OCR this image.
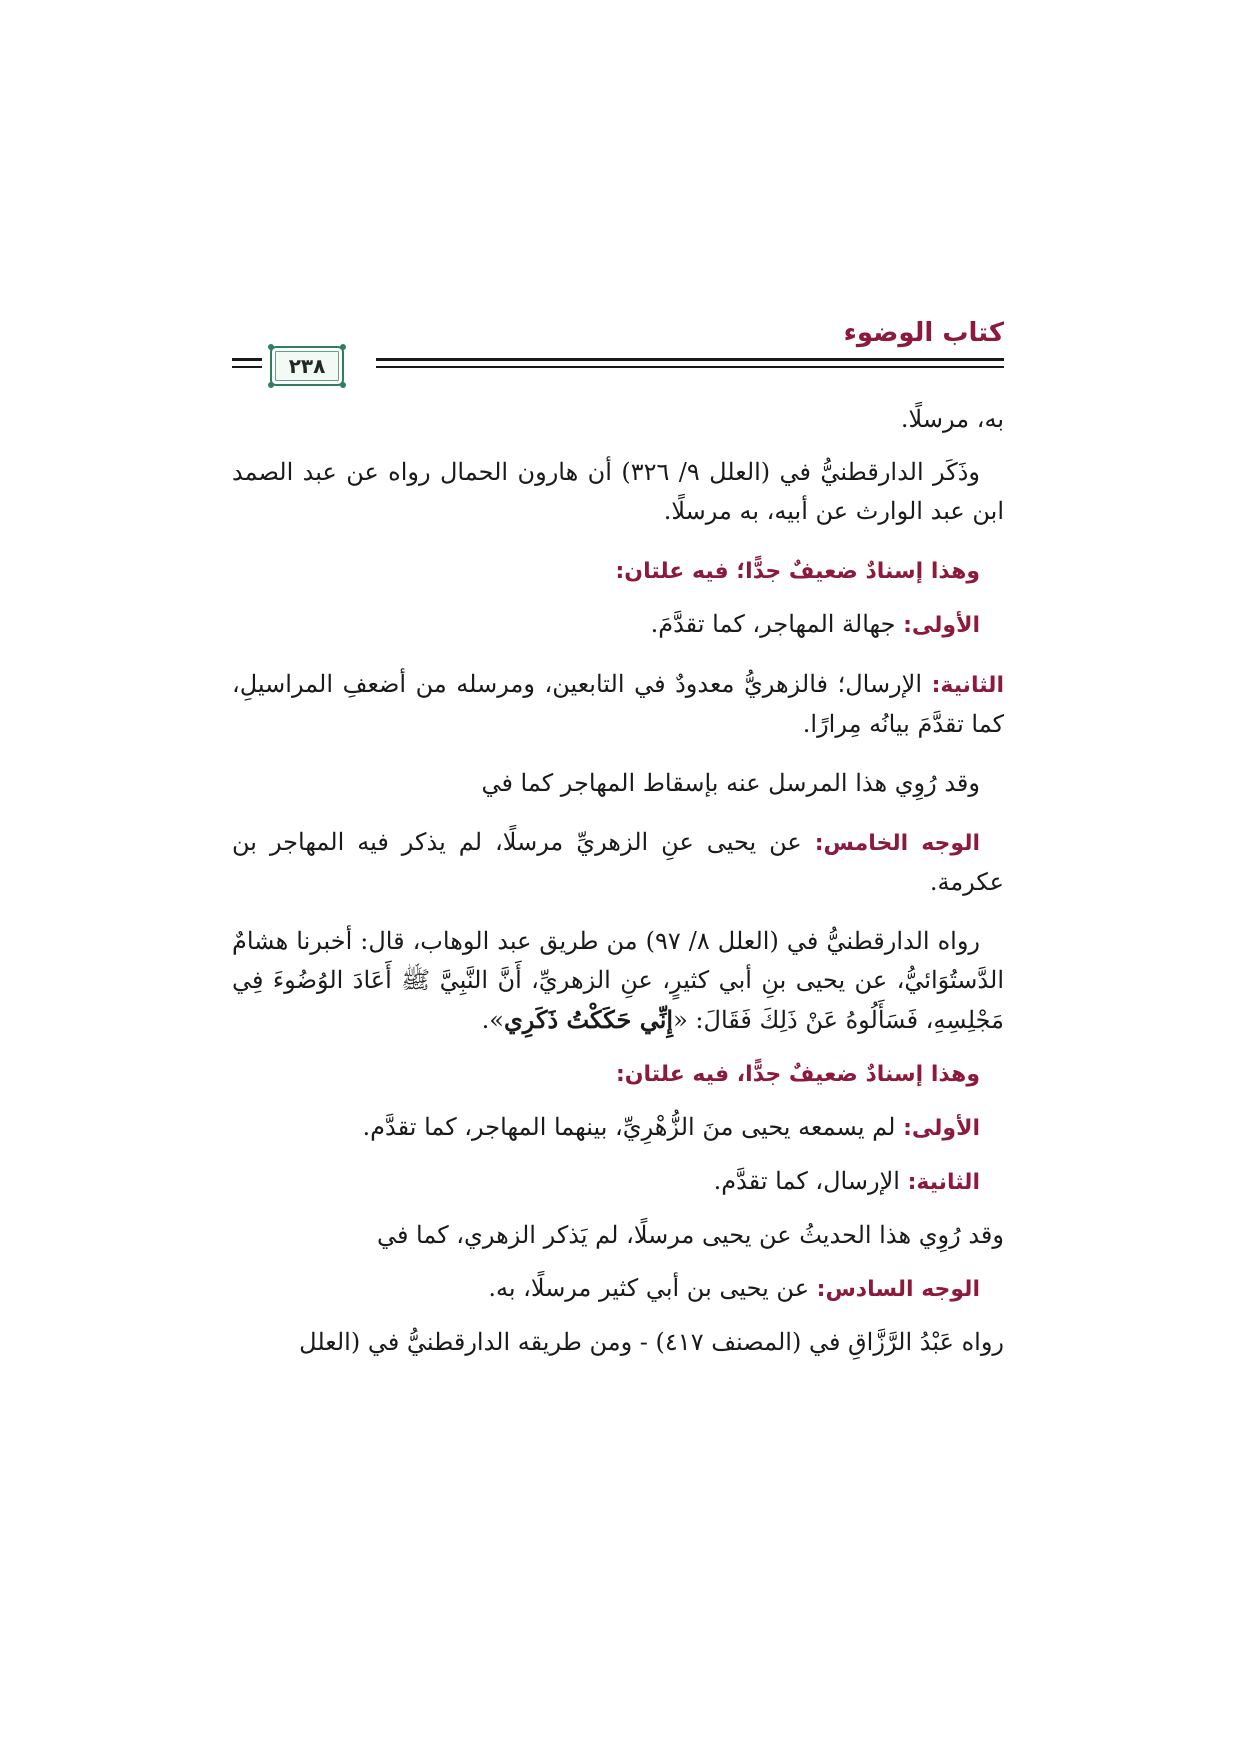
كتاب الوضوء
٢٣٨

به، مرسلًا.

وذَكَر الدارقطنيُّ في (العلل ٩/ ٣٢٦) أن هارون الحمال رواه عن عبد الصمد ابن عبد الوارث عن أبيه، به مرسلًا.

وهذا إسنادٌ ضعيفٌ جدًّا؛ فيه علتان:

الأولى: جهالة المهاجر، كما تقدَّمَ.

الثانية: الإرسال؛ فالزهريُّ معدودٌ في التابعين، ومرسله من أضعفِ المراسيلِ، كما تقدَّمَ بيانُه مِرارًا.

وقد رُوِي هذا المرسل عنه بإسقاط المهاجر كما في

الوجه الخامس: عن يحيى عنِ الزهريِّ مرسلًا، لم يذكر فيه المهاجر بن عكرمة.

رواه الدارقطنيُّ في (العلل ٨/ ٩٧) من طريق عبد الوهاب، قال: أخبرنا هشامٌ الدَّستُوَائيُّ، عن يحيى بنِ أبي كثيرٍ، عنِ الزهريِّ، أَنَّ النَّبِيَّ ﷺ أَعَادَ الوُضُوءَ فِي مَجْلِسِهِ، فَسَأَلُوهُ عَنْ ذَلِكَ فَقَالَ: «إِنِّي حَكَكْتُ ذَكَرِي».

وهذا إسنادٌ ضعيفٌ جدًّا، فيه علتان:

الأولى: لم يسمعه يحيى منَ الزُّهْرِيِّ، بينهما المهاجر، كما تقدَّم.

الثانية: الإرسال، كما تقدَّم.

وقد رُوِي هذا الحديثُ عن يحيى مرسلًا، لم يَذكر الزهري، كما في

الوجه السادس: عن يحيى بن أبي كثير مرسلًا، به.

رواه عَبْدُ الرَّزَّاقِ في (المصنف ٤١٧) - ومن طريقه الدارقطنيُّ في (العلل
